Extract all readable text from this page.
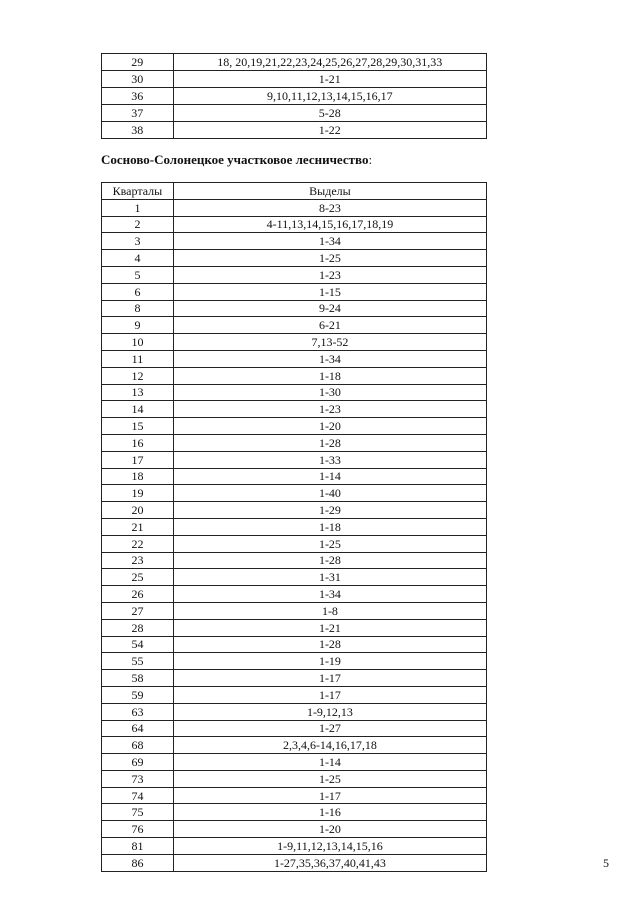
29	18, 20,19,21,22,23,24,25,26,27,28,29,30,31,33
30	1-21
36	9,10,11,12,13,14,15,16,17
37	5-28
38	1-22
Сосново-Солонецкое участковое лесничество:
Кварталы	Выделы
1	8-23
2	4-11,13,14,15,16,17,18,19
3	1-34
4	1-25
5	1-23
6	1-15
8	9-24
9	6-21
10	7,13-52
11	1-34
12	1-18
13	1-30
14	1-23
15	1-20
16	1-28
17	1-33
18	1-14
19	1-40
20	1-29
21	1-18
22	1-25
23	1-28
25	1-31
26	1-34
27	1-8
28	1-21
54	1-28
55	1-19
58	1-17
59	1-17
63	1-9,12,13
64	1-27
68	2,3,4,6-14,16,17,18
69	1-14
73	1-25
74	1-17
75	1-16
76	1-20
81	1-9,11,12,13,14,15,16
86	1-27,35,36,37,40,41,43	5
